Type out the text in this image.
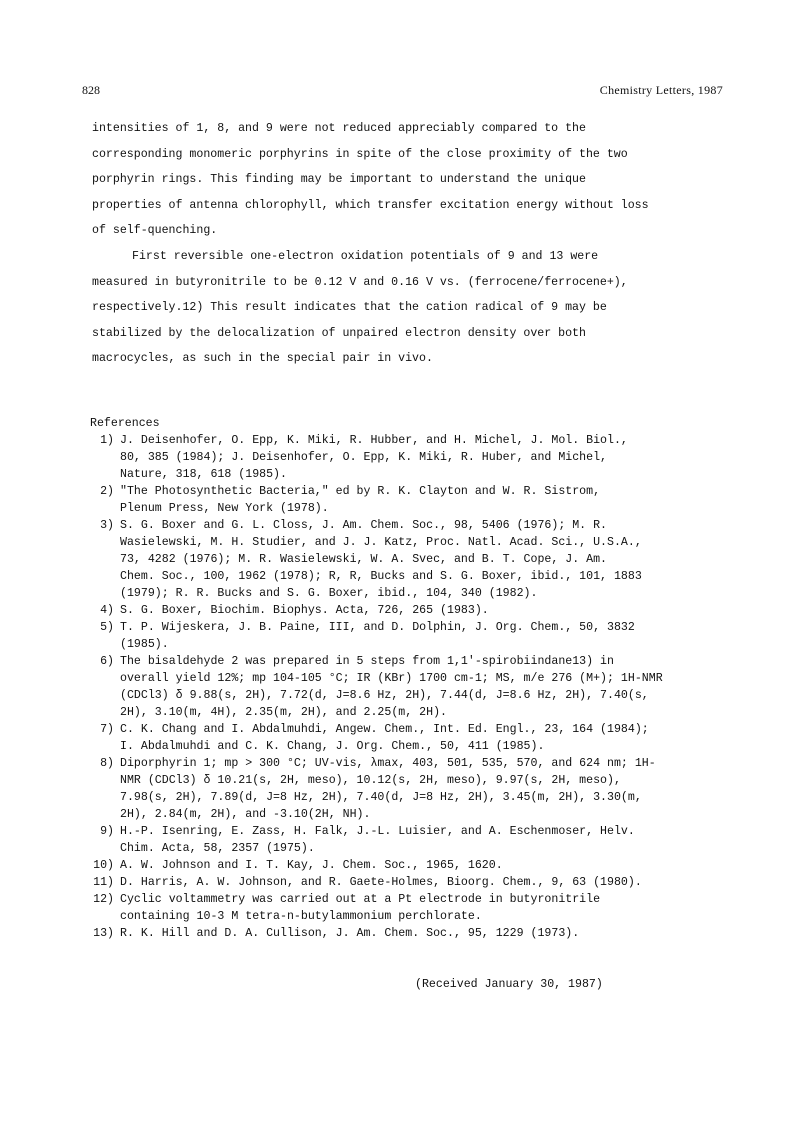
828	Chemistry Letters, 1987

intensities of 1, 8, and 9 were not reduced appreciably compared to the

corresponding monomeric porphyrins in spite of the close proximity of the two

porphyrin rings. This finding may be important to understand the unique

properties of antenna chlorophyll, which transfer excitation energy without loss

of self-quenching.

First reversible one-electron oxidation potentials of 9 and 13 were

measured in butyronitrile to be 0.12 V and 0.16 V vs. (ferrocene/ferrocene+),

respectively.12) This result indicates that the cation radical of 9 may be

stabilized by the delocalization of unpaired electron density over both

macrocycles, as such in the special pair in vivo.

References

1) J. Deisenhofer, O. Epp, K. Miki, R. Hubber, and H. Michel, J. Mol. Biol.,
80, 385 (1984); J. Deisenhofer, O. Epp, K. Miki, R. Huber, and Michel,
Nature, 318, 618 (1985).
2) "The Photosynthetic Bacteria," ed by R. K. Clayton and W. R. Sistrom,
Plenum Press, New York (1978).
3) S. G. Boxer and G. L. Closs, J. Am. Chem. Soc., 98, 5406 (1976); M. R.
Wasielewski, M. H. Studier, and J. J. Katz, Proc. Natl. Acad. Sci., U.S.A.,
73, 4282 (1976); M. R. Wasielewski, W. A. Svec, and B. T. Cope, J. Am.
Chem. Soc., 100, 1962 (1978); R, R, Bucks and S. G. Boxer, ibid., 101, 1883
(1979); R. R. Bucks and S. G. Boxer, ibid., 104, 340 (1982).
4) S. G. Boxer, Biochim. Biophys. Acta, 726, 265 (1983).
5) T. P. Wijeskera, J. B. Paine, III, and D. Dolphin, J. Org. Chem., 50, 3832
(1985).
6) The bisaldehyde 2 was prepared in 5 steps from 1,1'-spirobiindane13) in
overall yield 12%; mp 104-105 °C; IR (KBr) 1700 cm-1; MS, m/e 276 (M+); 1H-NMR
(CDCl3) δ 9.88(s, 2H), 7.72(d, J=8.6 Hz, 2H), 7.44(d, J=8.6 Hz, 2H), 7.40(s,
2H), 3.10(m, 4H), 2.35(m, 2H), and 2.25(m, 2H).
7) C. K. Chang and I. Abdalmuhdi, Angew. Chem., Int. Ed. Engl., 23, 164 (1984);
I. Abdalmuhdi and C. K. Chang, J. Org. Chem., 50, 411 (1985).
8) Diporphyrin 1; mp > 300 °C; UV-vis, λmax, 403, 501, 535, 570, and 624 nm; 1H-
NMR (CDCl3) δ 10.21(s, 2H, meso), 10.12(s, 2H, meso), 9.97(s, 2H, meso),
7.98(s, 2H), 7.89(d, J=8 Hz, 2H), 7.40(d, J=8 Hz, 2H), 3.45(m, 2H), 3.30(m,
2H), 2.84(m, 2H), and -3.10(2H, NH).
9) H.-P. Isenring, E. Zass, H. Falk, J.-L. Luisier, and A. Eschenmoser, Helv.
Chim. Acta, 58, 2357 (1975).
10) A. W. Johnson and I. T. Kay, J. Chem. Soc., 1965, 1620.
11) D. Harris, A. W. Johnson, and R. Gaete-Holmes, Bioorg. Chem., 9, 63 (1980).
12) Cyclic voltammetry was carried out at a Pt electrode in butyronitrile
containing 10-3 M tetra-n-butylammonium perchlorate.
13) R. K. Hill and D. A. Cullison, J. Am. Chem. Soc., 95, 1229 (1973).
(Received January 30, 1987)
